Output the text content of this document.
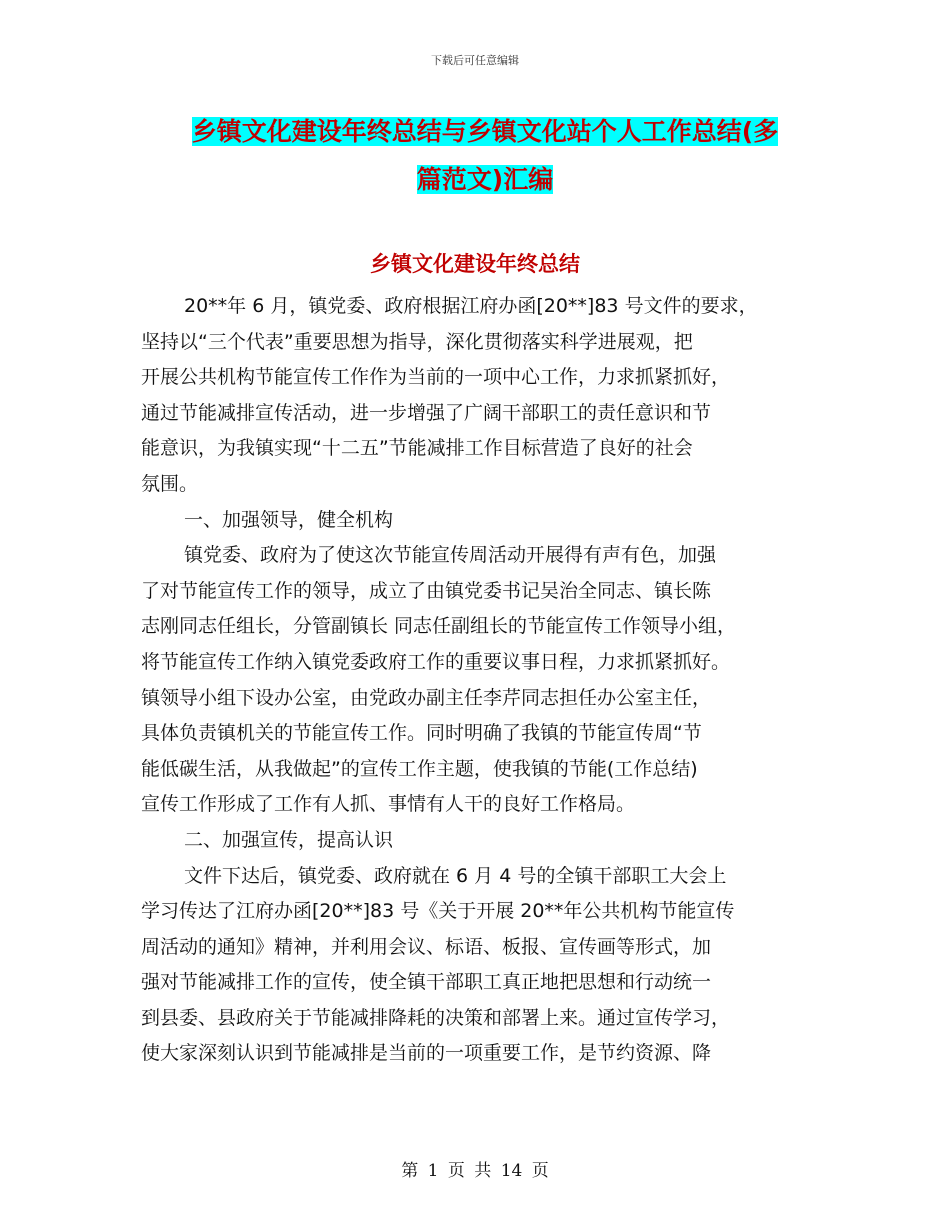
下载后可任意编辑
乡镇文化建设年终总结与乡镇文化站个人工作总结(多
篇范文)汇编
乡镇文化建设年终总结
20**年 6 月，镇党委、政府根据江府办函[20**]83 号文件的要求，
坚持以“三个代表”重要思想为指导，深化贯彻落实科学进展观，把
开展公共机构节能宣传工作作为当前的一项中心工作，力求抓紧抓好，
通过节能减排宣传活动，进一步增强了广阔干部职工的责任意识和节
能意识，为我镇实现“十二五”节能减排工作目标营造了良好的社会
氛围。
一、加强领导，健全机构
镇党委、政府为了使这次节能宣传周活动开展得有声有色，加强
了对节能宣传工作的领导，成立了由镇党委书记吴治全同志、镇长陈
志刚同志任组长，分管副镇长 同志任副组长的节能宣传工作领导小组，
将节能宣传工作纳入镇党委政府工作的重要议事日程，力求抓紧抓好。
镇领导小组下设办公室，由党政办副主任李芹同志担任办公室主任，
具体负责镇机关的节能宣传工作。同时明确了我镇的节能宣传周“节
能低碳生活，从我做起”的宣传工作主题，使我镇的节能(工作总结)
宣传工作形成了工作有人抓、事情有人干的良好工作格局。
二、加强宣传，提高认识
文件下达后，镇党委、政府就在 6 月 4 号的全镇干部职工大会上
学习传达了江府办函[20**]83 号《关于开展 20**年公共机构节能宣传
周活动的通知》精神，并利用会议、标语、板报、宣传画等形式，加
强对节能减排工作的宣传，使全镇干部职工真正地把思想和行动统一
到县委、县政府关于节能减排降耗的决策和部署上来。通过宣传学习，
使大家深刻认识到节能减排是当前的一项重要工作，是节约资源、降
第 1 页 共 14 页
